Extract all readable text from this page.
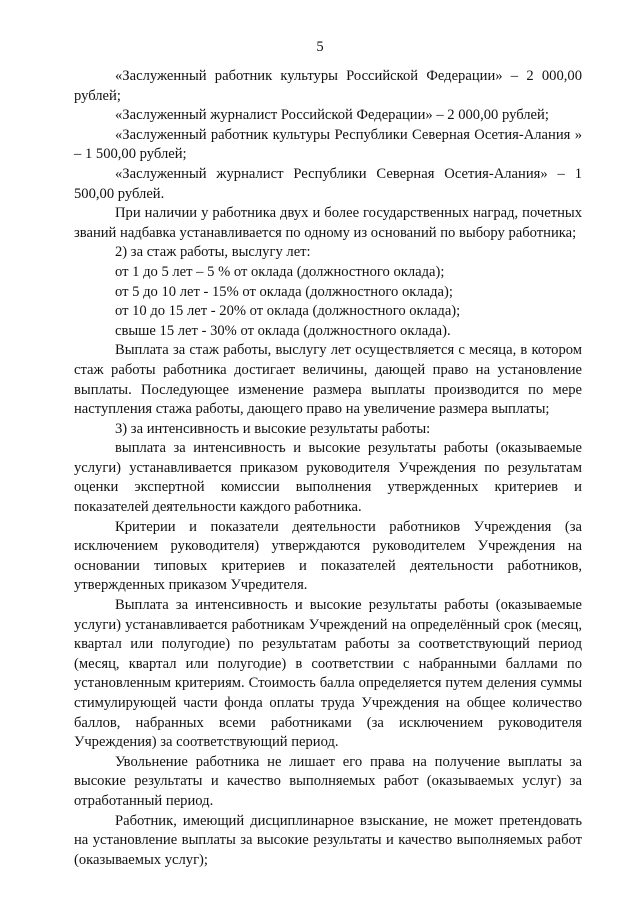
5

«Заслуженный работник культуры Российской Федерации» – 2 000,00 рублей;

«Заслуженный журналист Российской Федерации» – 2 000,00 рублей;

«Заслуженный работник культуры Республики Северная Осетия-Алания » – 1 500,00 рублей;

«Заслуженный журналист Республики Северная Осетия-Алания» – 1 500,00 рублей.

При наличии у работника двух и более государственных наград, почетных званий надбавка устанавливается по одному из оснований по выбору работника;

2) за стаж работы, выслугу лет:

от 1 до 5 лет – 5 % от оклада (должностного оклада);

от 5 до 10 лет - 15% от оклада (должностного оклада);

от 10 до 15 лет - 20% от оклада (должностного оклада);

свыше 15 лет - 30% от оклада (должностного оклада).

Выплата за стаж работы, выслугу лет осуществляется с месяца, в котором стаж работы работника достигает величины, дающей право на установление выплаты. Последующее изменение размера выплаты производится по мере наступления стажа работы, дающего право на увеличение размера выплаты;

3) за интенсивность и высокие результаты работы:

выплата за интенсивность и высокие результаты работы (оказываемые услуги) устанавливается приказом руководителя Учреждения по результатам оценки экспертной комиссии выполнения утвержденных критериев и показателей деятельности каждого работника.

Критерии и показатели деятельности работников Учреждения (за исключением руководителя) утверждаются руководителем Учреждения на основании типовых критериев и показателей деятельности работников, утвержденных приказом Учредителя.

Выплата за интенсивность и высокие результаты работы (оказываемые услуги) устанавливается работникам Учреждений на определённый срок (месяц, квартал или полугодие) по результатам работы за соответствующий период (месяц, квартал или полугодие) в соответствии с набранными баллами по установленным критериям. Стоимость балла определяется путем деления суммы стимулирующей части фонда оплаты труда Учреждения на общее количество баллов, набранных всеми работниками (за исключением руководителя Учреждения) за соответствующий период.

Увольнение работника не лишает его права на получение выплаты за высокие результаты и качество выполняемых работ (оказываемых услуг) за отработанный период.

Работник, имеющий дисциплинарное взыскание, не может претендовать на установление выплаты за высокие результаты и качество выполняемых работ (оказываемых услуг);
